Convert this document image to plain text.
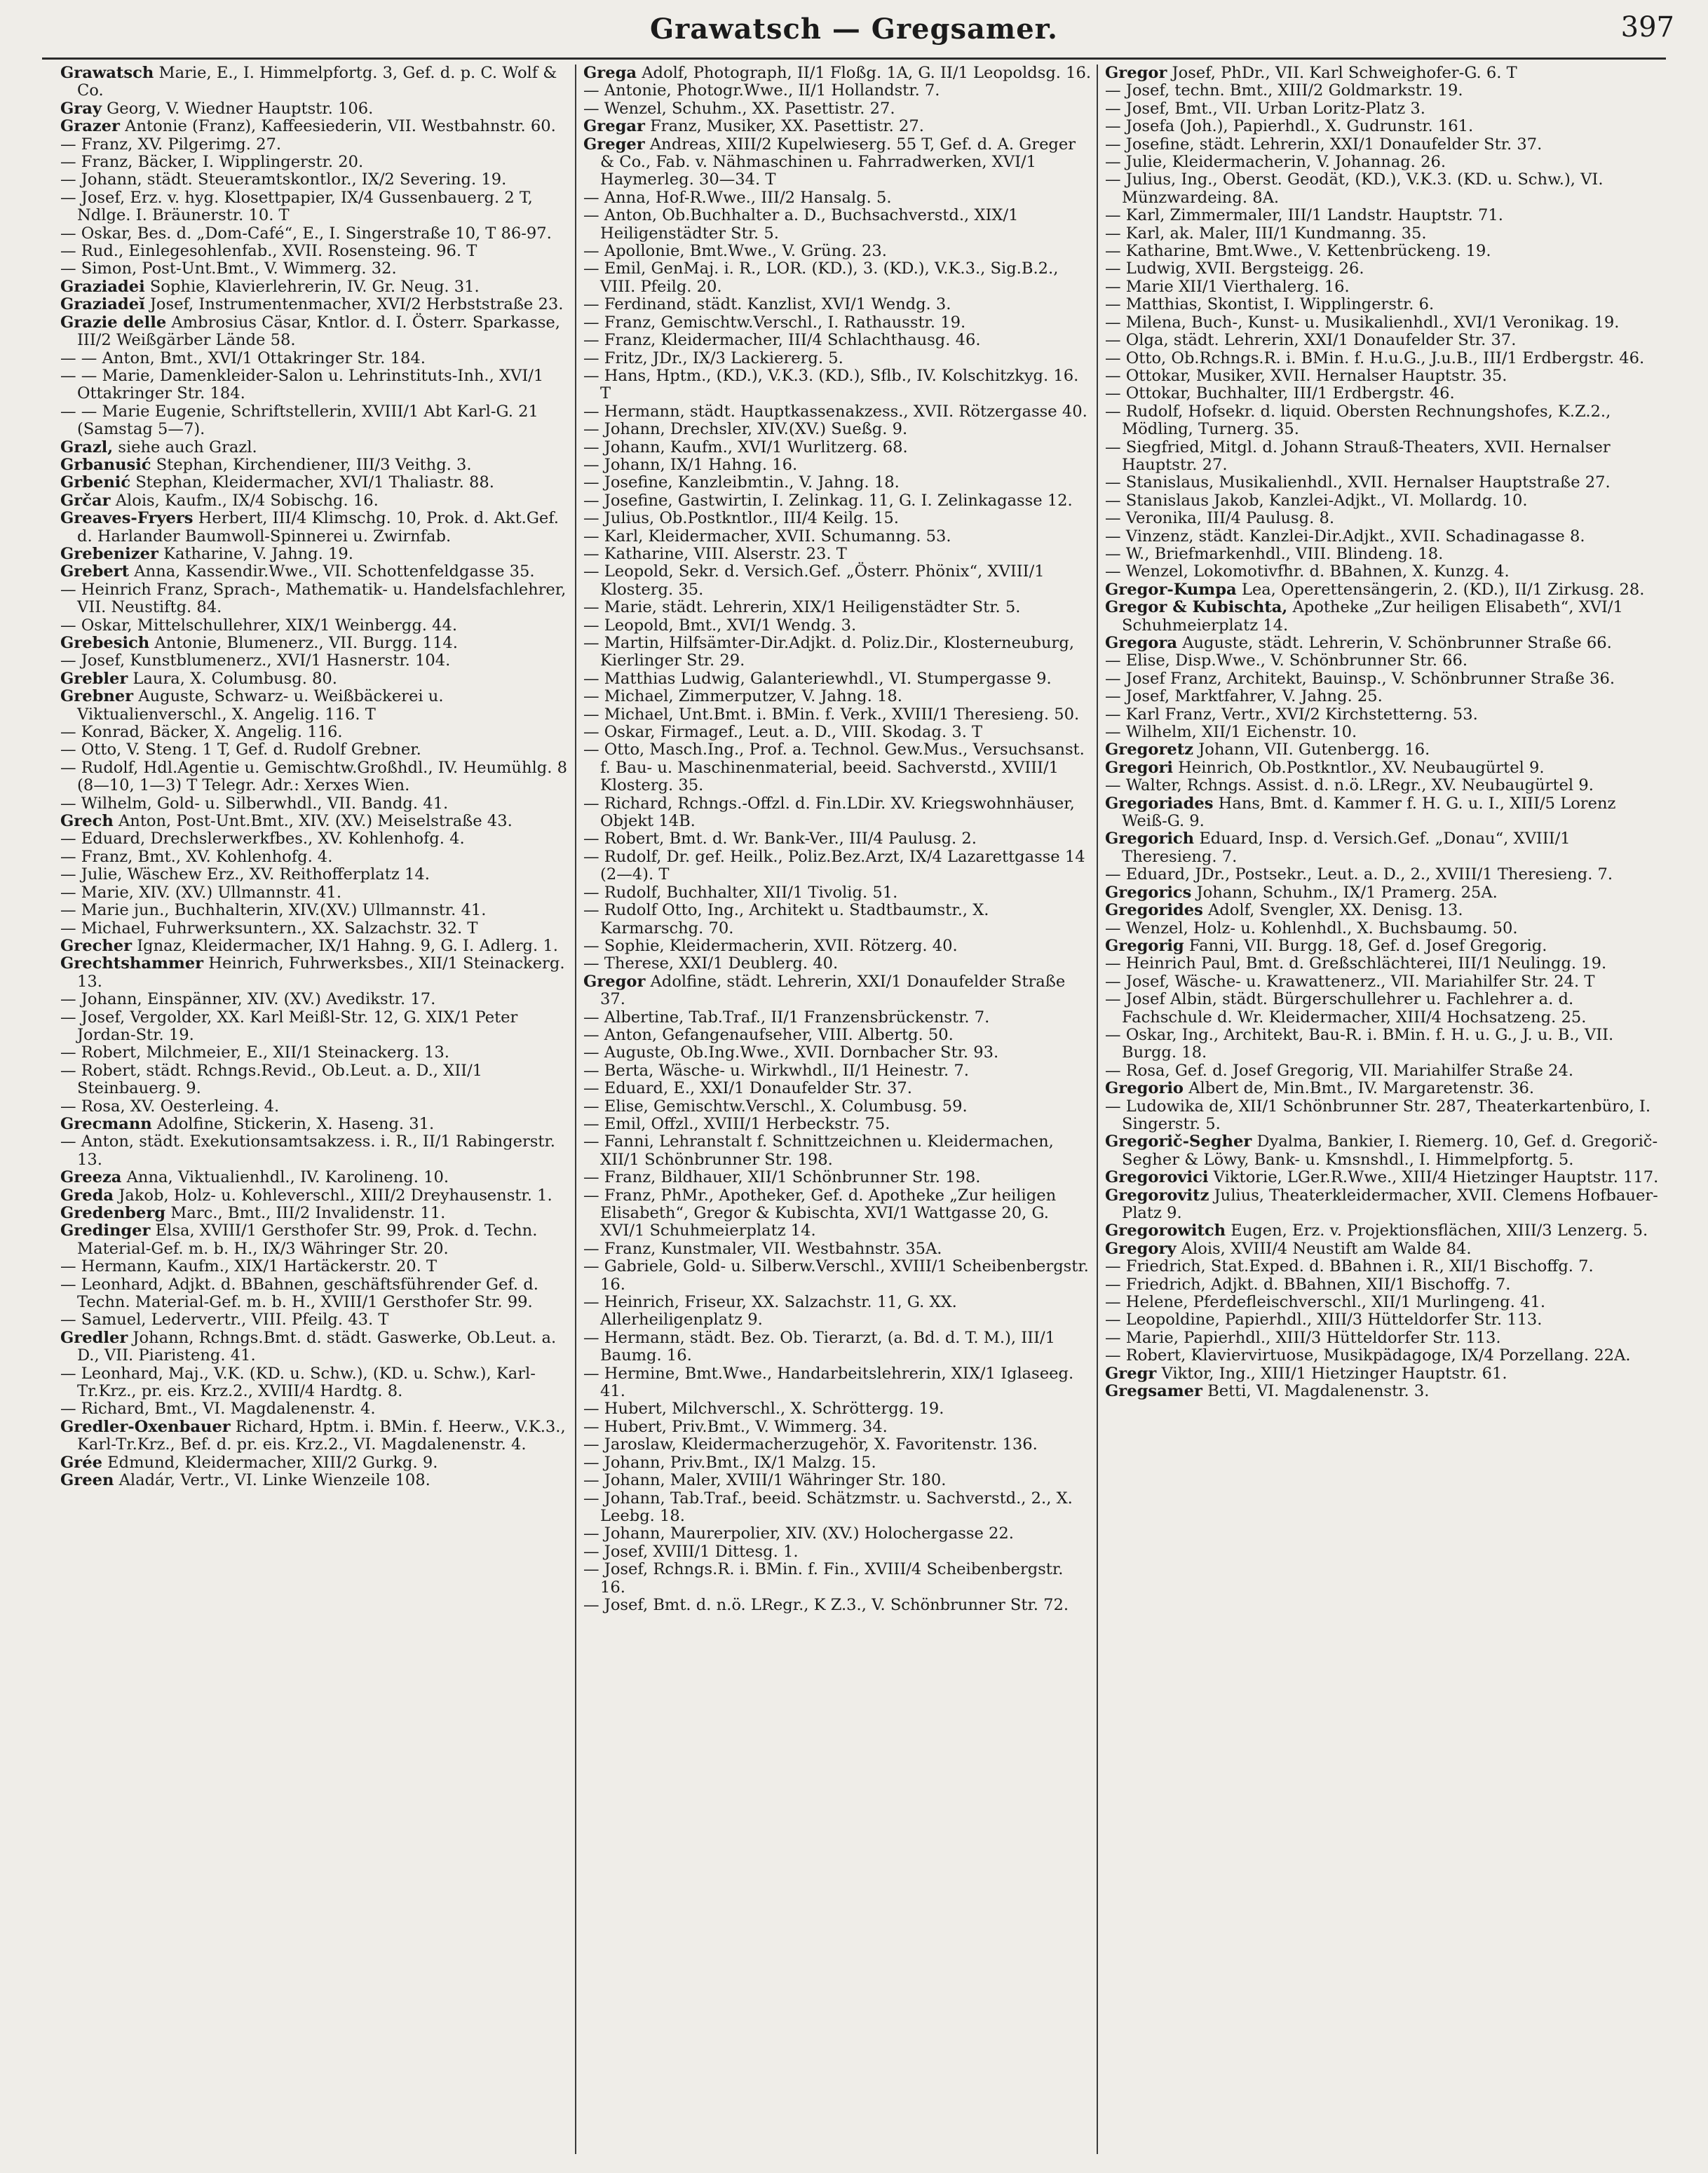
Grawatsch — Gregsamer.	397

Grawatsch Marie, E., I. Himmelpfortg. 3, Gef. d. p. C. Wolf & Co.

Gray Georg, V. Wiedner Hauptstr. 106.

Grazer Antonie (Franz), Kaffeesiederin, VII. Westbahnstr. 60.

— Franz, XV. Pilgerimg. 27.

— Franz, Bäcker, I. Wipplingerstr. 20.

— Johann, städt. Steueramtskontlor., IX/2 Severing. 19.

— Josef, Erz. v. hyg. Klosettpapier, IX/4 Gussenbauerg. 2 T, Ndlge. I. Bräunerstr. 10. T

— Oskar, Bes. d. „Dom-Café“, E., I. Singerstraße 10, T 86-97.

— Rud., Einlegesohlenfab., XVII. Rosensteing. 96. T

— Simon, Post-Unt.Bmt., V. Wimmerg. 32.

Graziadei Sophie, Klavierlehrerin, IV. Gr. Neug. 31.

Graziadeĭ Josef, Instrumentenmacher, XVI/2 Herbststraße 23.

Grazie delle Ambrosius Cäsar, Kntlor. d. I. Österr. Sparkasse, III/2 Weißgärber Lände 58.

— — Anton, Bmt., XVI/1 Ottakringer Str. 184.

— — Marie, Damenkleider-Salon u. Lehrinstituts-Inh., XVI/1 Ottakringer Str. 184.

— — Marie Eugenie, Schriftstellerin, XVIII/1 Abt Karl-G. 21 (Samstag 5—7).

Grazl, siehe auch Grazl.

Grbanusić Stephan, Kirchendiener, III/3 Veithg. 3.

Grbenić Stephan, Kleidermacher, XVI/1 Thaliastr. 88.

Grčar Alois, Kaufm., IX/4 Sobischg. 16.

Greaves-Fryers Herbert, III/4 Klimschg. 10, Prok. d. Akt.Gef. d. Harlander Baumwoll-Spinnerei u. Zwirnfab.

Grebenizer Katharine, V. Jahng. 19.

Grebert Anna, Kassendir.Wwe., VII. Schottenfeldgasse 35.

— Heinrich Franz, Sprach-, Mathematik- u. Handelsfachlehrer, VII. Neustiftg. 84.

— Oskar, Mittelschullehrer, XIX/1 Weinbergg. 44.

Grebesich Antonie, Blumenerz., VII. Burgg. 114.

— Josef, Kunstblumenerz., XVI/1 Hasnerstr. 104.

Grebler Laura, X. Columbusg. 80.

Grebner Auguste, Schwarz- u. Weißbäckerei u. Viktualienverschl., X. Angelig. 116. T

— Konrad, Bäcker, X. Angelig. 116.

— Otto, V. Steng. 1 T, Gef. d. Rudolf Grebner.

— Rudolf, Hdl.Agentie u. Gemischtw.Großhdl., IV. Heumühlg. 8 (8—10, 1—3) T Telegr. Adr.: Xerxes Wien.

— Wilhelm, Gold- u. Silberwhdl., VII. Bandg. 41.

Grech Anton, Post-Unt.Bmt., XIV. (XV.) Meiselstraße 43.

— Eduard, Drechslerwerkfbes., XV. Kohlenhofg. 4.

— Franz, Bmt., XV. Kohlenhofg. 4.

— Julie, Wäschew Erz., XV. Reithofferplatz 14.

— Marie, XIV. (XV.) Ullmannstr. 41.

— Marie jun., Buchhalterin, XIV.(XV.) Ullmannstr. 41.

— Michael, Fuhrwerksuntern., XX. Salzachstr. 32. T

Grecher Ignaz, Kleidermacher, IX/1 Hahng. 9, G. I. Adlerg. 1.

Grechtshammer Heinrich, Fuhrwerksbes., XII/1 Steinackerg. 13.

— Johann, Einspänner, XIV. (XV.) Avedikstr. 17.

— Josef, Vergolder, XX. Karl Meißl-Str. 12, G. XIX/1 Peter Jordan-Str. 19.

— Robert, Milchmeier, E., XII/1 Steinackerg. 13.

— Robert, städt. Rchngs.Revid., Ob.Leut. a. D., XII/1 Steinbauerg. 9.

— Rosa, XV. Oesterleing. 4.

Grecmann Adolfine, Stickerin, X. Haseng. 31.

— Anton, städt. Exekutionsamtsakzess. i. R., II/1 Rabingerstr. 13.

Greeza Anna, Viktualienhdl., IV. Karolineng. 10.

Greda Jakob, Holz- u. Kohleverschl., XIII/2 Dreyhausenstr. 1.

Gredenberg Marc., Bmt., III/2 Invalidenstr. 11.

Gredinger Elsa, XVIII/1 Gersthofer Str. 99, Prok. d. Techn. Material-Gef. m. b. H., IX/3 Währinger Str. 20.

— Hermann, Kaufm., XIX/1 Hartäckerstr. 20. T

— Leonhard, Adjkt. d. BBahnen, geschäftsführender Gef. d. Techn. Material-Gef. m. b. H., XVIII/1 Gersthofer Str. 99.

— Samuel, Ledervertr., VIII. Pfeilg. 43. T

Gredler Johann, Rchngs.Bmt. d. städt. Gaswerke, Ob.Leut. a. D., VII. Piaristeng. 41.

— Leonhard, Maj., V.K. (KD. u. Schw.), (KD. u. Schw.), Karl-Tr.Krz., pr. eis. Krz.2., XVIII/4 Hardtg. 8.

— Richard, Bmt., VI. Magdalenenstr. 4.

Gredler-Oxenbauer Richard, Hptm. i. BMin. f. Heerw., V.K.3., Karl-Tr.Krz., Bef. d. pr. eis. Krz.2., VI. Magdalenenstr. 4.

Grée Edmund, Kleidermacher, XIII/2 Gurkg. 9.

Green Aladár, Vertr., VI. Linke Wienzeile 108.

Grega Adolf, Photograph, II/1 Floßg. 1A, G. II/1 Leopoldsg. 16.

— Antonie, Photogr.Wwe., II/1 Hollandstr. 7.

— Wenzel, Schuhm., XX. Pasettistr. 27.

Gregar Franz, Musiker, XX. Pasettistr. 27.

Greger Andreas, XIII/2 Kupelwieserg. 55 T, Gef. d. A. Greger & Co., Fab. v. Nähmaschinen u. Fahrradwerken, XVI/1 Haymerleg. 30—34. T

— Anna, Hof-R.Wwe., III/2 Hansalg. 5.

— Anton, Ob.Buchhalter a. D., Buchsachverstd., XIX/1 Heiligenstädter Str. 5.

— Apollonie, Bmt.Wwe., V. Grüng. 23.

— Emil, GenMaj. i. R., LOR. (KD.), 3. (KD.), V.K.3., Sig.B.2., VIII. Pfeilg. 20.

— Ferdinand, städt. Kanzlist, XVI/1 Wendg. 3.

— Franz, Gemischtw.Verschl., I. Rathausstr. 19.

— Franz, Kleidermacher, III/4 Schlachthausg. 46.

— Fritz, JDr., IX/3 Lackiererg. 5.

— Hans, Hptm., (KD.), V.K.3. (KD.), Sflb., IV. Kolschitzkyg. 16. T

— Hermann, städt. Hauptkassenakzess., XVII. Rötzergasse 40.

— Johann, Drechsler, XIV.(XV.) Sueßg. 9.

— Johann, Kaufm., XVI/1 Wurlitzerg. 68.

— Johann, IX/1 Hahng. 16.

— Josefine, Kanzleibmtin., V. Jahng. 18.

— Josefine, Gastwirtin, I. Zelinkag. 11, G. I. Zelinkagasse 12.

— Julius, Ob.Postkntlor., III/4 Keilg. 15.

— Karl, Kleidermacher, XVII. Schumanng. 53.

— Katharine, VIII. Alserstr. 23. T

— Leopold, Sekr. d. Versich.Gef. „Österr. Phönix“, XVIII/1 Klosterg. 35.

— Marie, städt. Lehrerin, XIX/1 Heiligenstädter Str. 5.

— Leopold, Bmt., XVI/1 Wendg. 3.

— Martin, Hilfsämter-Dir.Adjkt. d. Poliz.Dir., Klosterneuburg, Kierlinger Str. 29.

— Matthias Ludwig, Galanteriewhdl., VI. Stumpergasse 9.

— Michael, Zimmerputzer, V. Jahng. 18.

— Michael, Unt.Bmt. i. BMin. f. Verk., XVIII/1 Theresieng. 50.

— Oskar, Firmagef., Leut. a. D., VIII. Skodag. 3. T

— Otto, Masch.Ing., Prof. a. Technol. Gew.Mus., Versuchsanst. f. Bau- u. Maschinenmaterial, beeid. Sachverstd., XVIII/1 Klosterg. 35.

— Richard, Rchngs.-Offzl. d. Fin.LDir. XV. Kriegswohnhäuser, Objekt 14B.

— Robert, Bmt. d. Wr. Bank-Ver., III/4 Paulusg. 2.

— Rudolf, Dr. gef. Heilk., Poliz.Bez.Arzt, IX/4 Lazarettgasse 14 (2—4). T

— Rudolf, Buchhalter, XII/1 Tivolig. 51.

— Rudolf Otto, Ing., Architekt u. Stadtbaumstr., X. Karmarschg. 70.

— Sophie, Kleidermacherin, XVII. Rötzerg. 40.

— Therese, XXI/1 Deublerg. 40.

Gregor Adolfine, städt. Lehrerin, XXI/1 Donaufelder Straße 37.

— Albertine, Tab.Traf., II/1 Franzensbrückenstr. 7.

— Anton, Gefangenaufseher, VIII. Albertg. 50.

— Auguste, Ob.Ing.Wwe., XVII. Dornbacher Str. 93.

— Berta, Wäsche- u. Wirkwhdl., II/1 Heinestr. 7.

— Eduard, E., XXI/1 Donaufelder Str. 37.

— Elise, Gemischtw.Verschl., X. Columbusg. 59.

— Emil, Offzl., XVIII/1 Herbeckstr. 75.

— Fanni, Lehranstalt f. Schnittzeichnen u. Kleidermachen, XII/1 Schönbrunner Str. 198.

— Franz, Bildhauer, XII/1 Schönbrunner Str. 198.

— Franz, PhMr., Apotheker, Gef. d. Apotheke „Zur heiligen Elisabeth“, Gregor & Kubischta, XVI/1 Wattgasse 20, G. XVI/1 Schuhmeierplatz 14.

— Franz, Kunstmaler, VII. Westbahnstr. 35A.

— Gabriele, Gold- u. Silberw.Verschl., XVIII/1 Scheibenbergstr. 16.

— Heinrich, Friseur, XX. Salzachstr. 11, G. XX. Allerheiligenplatz 9.

— Hermann, städt. Bez. Ob. Tierarzt, (a. Bd. d. T. M.), III/1 Baumg. 16.

— Hermine, Bmt.Wwe., Handarbeitslehrerin, XIX/1 Iglaseeg. 41.

— Hubert, Milchverschl., X. Schröttergg. 19.

— Hubert, Priv.Bmt., V. Wimmerg. 34.

— Jaroslaw, Kleidermacherzugehör, X. Favoritenstr. 136.

— Johann, Priv.Bmt., IX/1 Malzg. 15.

— Johann, Maler, XVIII/1 Währinger Str. 180.

— Johann, Tab.Traf., beeid. Schätzmstr. u. Sachverstd., 2., X. Leebg. 18.

— Johann, Maurerpolier, XIV. (XV.) Holochergasse 22.

— Josef, XVIII/1 Dittesg. 1.

— Josef, Rchngs.R. i. BMin. f. Fin., XVIII/4 Scheibenbergstr. 16.

— Josef, Bmt. d. n.ö. LRegr., K Z.3., V. Schönbrunner Str. 72.

Gregor Josef, PhDr., VII. Karl Schweighofer-G. 6. T

— Josef, techn. Bmt., XIII/2 Goldmarkstr. 19.

— Josef, Bmt., VII. Urban Loritz-Platz 3.

— Josefa (Joh.), Papierhdl., X. Gudrunstr. 161.

— Josefine, städt. Lehrerin, XXI/1 Donaufelder Str. 37.

— Julie, Kleidermacherin, V. Johannag. 26.

— Julius, Ing., Oberst. Geodät, (KD.), V.K.3. (KD. u. Schw.), VI. Münzwardeing. 8A.

— Karl, Zimmermaler, III/1 Landstr. Hauptstr. 71.

— Karl, ak. Maler, III/1 Kundmanng. 35.

— Katharine, Bmt.Wwe., V. Kettenbrückeng. 19.

— Ludwig, XVII. Bergsteigg. 26.

— Marie XII/1 Vierthalerg. 16.

— Matthias, Skontist, I. Wipplingerstr. 6.

— Milena, Buch-, Kunst- u. Musikalienhdl., XVI/1 Veronikag. 19.

— Olga, städt. Lehrerin, XXI/1 Donaufelder Str. 37.

— Otto, Ob.Rchngs.R. i. BMin. f. H.u.G., J.u.B., III/1 Erdbergstr. 46.

— Ottokar, Musiker, XVII. Hernalser Hauptstr. 35.

— Ottokar, Buchhalter, III/1 Erdbergstr. 46.

— Rudolf, Hofsekr. d. liquid. Obersten Rechnungshofes, K.Z.2., Mödling, Turnerg. 35.

— Siegfried, Mitgl. d. Johann Strauß-Theaters, XVII. Hernalser Hauptstr. 27.

— Stanislaus, Musikalienhdl., XVII. Hernalser Hauptstraße 27.

— Stanislaus Jakob, Kanzlei-Adjkt., VI. Mollardg. 10.

— Veronika, III/4 Paulusg. 8.

— Vinzenz, städt. Kanzlei-Dir.Adjkt., XVII. Schadinagasse 8.

— W., Briefmarkenhdl., VIII. Blindeng. 18.

— Wenzel, Lokomotivfhr. d. BBahnen, X. Kunzg. 4.

Gregor-Kumpa Lea, Operettensängerin, 2. (KD.), II/1 Zirkusg. 28.

Gregor & Kubischta, Apotheke „Zur heiligen Elisabeth“, XVI/1 Schuhmeierplatz 14.

Gregora Auguste, städt. Lehrerin, V. Schönbrunner Straße 66.

— Elise, Disp.Wwe., V. Schönbrunner Str. 66.

— Josef Franz, Architekt, Bauinsp., V. Schönbrunner Straße 36.

— Josef, Marktfahrer, V. Jahng. 25.

— Karl Franz, Vertr., XVI/2 Kirchstetterng. 53.

— Wilhelm, XII/1 Eichenstr. 10.

Gregoretz Johann, VII. Gutenbergg. 16.

Gregori Heinrich, Ob.Postkntlor., XV. Neubaugürtel 9.

— Walter, Rchngs. Assist. d. n.ö. LRegr., XV. Neubaugürtel 9.

Gregoriades Hans, Bmt. d. Kammer f. H. G. u. I., XIII/5 Lorenz Weiß-G. 9.

Gregorich Eduard, Insp. d. Versich.Gef. „Donau“, XVIII/1 Theresieng. 7.

— Eduard, JDr., Postsekr., Leut. a. D., 2., XVIII/1 Theresieng. 7.

Gregorics Johann, Schuhm., IX/1 Pramerg. 25A.

Gregorides Adolf, Svengler, XX. Denisg. 13.

— Wenzel, Holz- u. Kohlenhdl., X. Buchsbaumg. 50.

Gregorig Fanni, VII. Burgg. 18, Gef. d. Josef Gregorig.

— Heinrich Paul, Bmt. d. Greßschlächterei, III/1 Neulingg. 19.

— Josef, Wäsche- u. Krawattenerz., VII. Mariahilfer Str. 24. T

— Josef Albin, städt. Bürgerschullehrer u. Fachlehrer a. d. Fachschule d. Wr. Kleidermacher, XIII/4 Hochsatzeng. 25.

— Oskar, Ing., Architekt, Bau-R. i. BMin. f. H. u. G., J. u. B., VII. Burgg. 18.

— Rosa, Gef. d. Josef Gregorig, VII. Mariahilfer Straße 24.

Gregorio Albert de, Min.Bmt., IV. Margaretenstr. 36.

— Ludowika de, XII/1 Schönbrunner Str. 287, Theaterkartenbüro, I. Singerstr. 5.

Gregorič-Segher Dyalma, Bankier, I. Riemerg. 10, Gef. d. Gregorič-Segher & Löwy, Bank- u. Kmsnshdl., I. Himmelpfortg. 5.

Gregorovici Viktorie, LGer.R.Wwe., XIII/4 Hietzinger Hauptstr. 117.

Gregorovitz Julius, Theaterkleidermacher, XVII. Clemens Hofbauer-Platz 9.

Gregorowitch Eugen, Erz. v. Projektionsflächen, XIII/3 Lenzerg. 5.

Gregory Alois, XVIII/4 Neustift am Walde 84.

— Friedrich, Stat.Exped. d. BBahnen i. R., XII/1 Bischoffg. 7.

— Friedrich, Adjkt. d. BBahnen, XII/1 Bischoffg. 7.

— Helene, Pferdefleischverschl., XII/1 Murlingeng. 41.

— Leopoldine, Papierhdl., XIII/3 Hütteldorfer Str. 113.

— Marie, Papierhdl., XIII/3 Hütteldorfer Str. 113.

— Robert, Klaviervirtuose, Musikpädagoge, IX/4 Porzellang. 22A.

Gregr Viktor, Ing., XIII/1 Hietzinger Hauptstr. 61.

Gregsamer Betti, VI. Magdalenenstr. 3.
